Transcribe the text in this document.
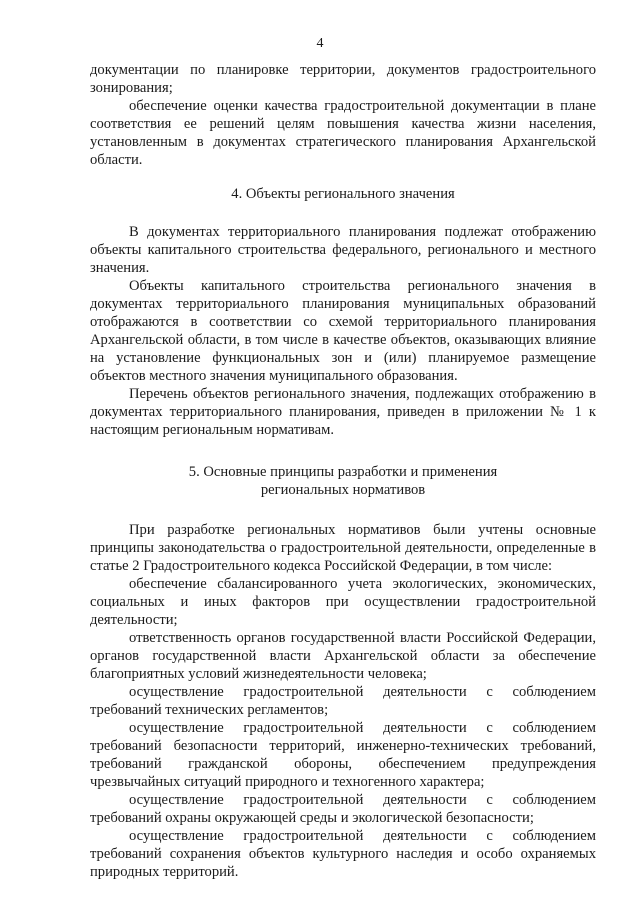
4

документации по планировке территории, документов градостроительного зонирования;

обеспечение оценки качества градостроительной документации в плане соответствия ее решений целям повышения качества жизни населения, установленным в документах стратегического планирования Архангельской области.

4. Объекты регионального значения

В документах территориального планирования подлежат отображению объекты капитального строительства федерального, регионального и местного значения.

Объекты капитального строительства регионального значения в документах территориального планирования муниципальных образований отображаются в соответствии со схемой территориального планирования Архангельской области, в том числе в качестве объектов, оказывающих влияние на установление функциональных зон и (или) планируемое размещение объектов местного значения муниципального образования.

Перечень объектов регионального значения, подлежащих отображению в документах территориального планирования, приведен в приложении № 1 к настоящим региональным нормативам.

5. Основные принципы разработки и применения
региональных нормативов

При разработке региональных нормативов были учтены основные принципы законодательства о градостроительной деятельности, определенные в статье 2 Градостроительного кодекса Российской Федерации, в том числе:

обеспечение сбалансированного учета экологических, экономических, социальных и иных факторов при осуществлении градостроительной деятельности;

ответственность органов государственной власти Российской Федерации, органов государственной власти Архангельской области за обеспечение благоприятных условий жизнедеятельности человека;

осуществление градостроительной деятельности с соблюдением требований технических регламентов;

осуществление градостроительной деятельности с соблюдением требований безопасности территорий, инженерно-технических требований, требований гражданской обороны, обеспечением предупреждения чрезвычайных ситуаций природного и техногенного характера;

осуществление градостроительной деятельности с соблюдением требований охраны окружающей среды и экологической безопасности;

осуществление градостроительной деятельности с соблюдением требований сохранения объектов культурного наследия и особо охраняемых природных территорий.
